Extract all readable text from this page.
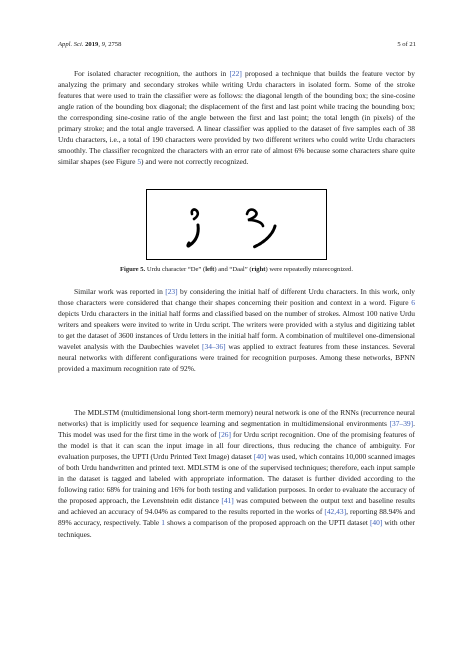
Appl. Sci. 2019, 9, 2758	5 of 21

For isolated character recognition, the authors in [22] proposed a technique that builds the feature vector by analyzing the primary and secondary strokes while writing Urdu characters in isolated form. Some of the stroke features that were used to train the classifier were as follows: the diagonal length of the bounding box; the sine-cosine angle ration of the bounding box diagonal; the displacement of the first and last point while tracing the bounding box; the corresponding sine-cosine ratio of the angle between the first and last point; the total length (in pixels) of the primary stroke; and the total angle traversed. A linear classifier was applied to the dataset of five samples each of 38 Urdu characters, i.e., a total of 190 characters were provided by two different writers who could write Urdu characters smoothly. The classifier recognized the characters with an error rate of almost 6% because some characters share quite similar shapes (see Figure 5) and were not correctly recognized.

Figure 5. Urdu character “De” (left) and “Daal” (right) were repeatedly misrecognized.

Similar work was reported in [23] by considering the initial half of different Urdu characters. In this work, only those characters were considered that change their shapes concerning their position and context in a word. Figure 6 depicts Urdu characters in the initial half forms and classified based on the number of strokes. Almost 100 native Urdu writers and speakers were invited to write in Urdu script. The writers were provided with a stylus and digitizing tablet to get the dataset of 3600 instances of Urdu letters in the initial half form. A combination of multilevel one-dimensional wavelet analysis with the Daubechies wavelet [34–36] was applied to extract features from these instances. Several neural networks with different configurations were trained for recognition purposes. Among these networks, BPNN provided a maximum recognition rate of 92%.

The MDLSTM (multidimensional long short-term memory) neural network is one of the RNNs (recurrence neural networks) that is implicitly used for sequence learning and segmentation in multidimensional environments [37–39]. This model was used for the first time in the work of [26] for Urdu script recognition. One of the promising features of the model is that it can scan the input image in all four directions, thus reducing the chance of ambiguity. For evaluation purposes, the UPTI (Urdu Printed Text Image) dataset [40] was used, which contains 10,000 scanned images of both Urdu handwritten and printed text. MDLSTM is one of the supervised techniques; therefore, each input sample in the dataset is tagged and labeled with appropriate information. The dataset is further divided according to the following ratio: 68% for training and 16% for both testing and validation purposes. In order to evaluate the accuracy of the proposed approach, the Levenshtein edit distance [41] was computed between the output text and baseline results and achieved an accuracy of 94.04% as compared to the results reported in the works of [42,43], reporting 88.94% and 89% accuracy, respectively. Table 1 shows a comparison of the proposed approach on the UPTI dataset [40] with other techniques.
